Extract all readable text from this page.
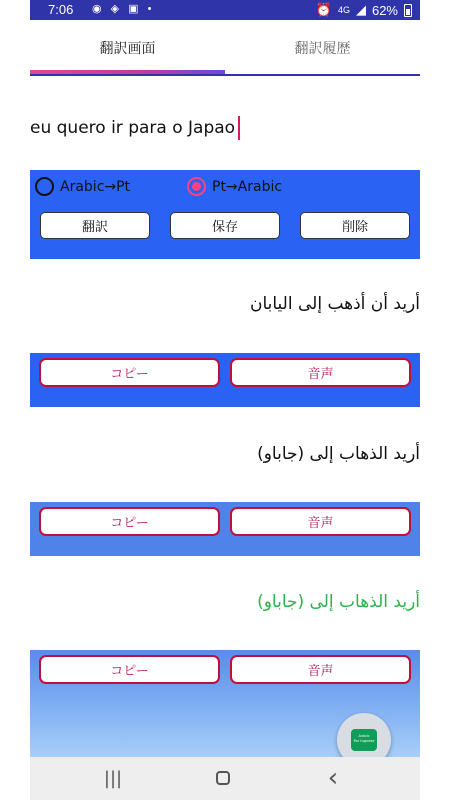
7:06 ◉ ◈ ▣ •	⏰ 4G ◢ 62%
翻訳画面	翻訳履歴
eu quero ir para o Japao
Arabic→Pt	Pt→Arabic
翻訳	保存	削除
أريد أن أذهب إلى اليابان
コピー	音声
أريد الذهاب إلى (جاباو)
コピー	音声
أريد الذهاب إلى (جاباو)
コピー	音声
Arabic
Por tuguese
|||	‹
